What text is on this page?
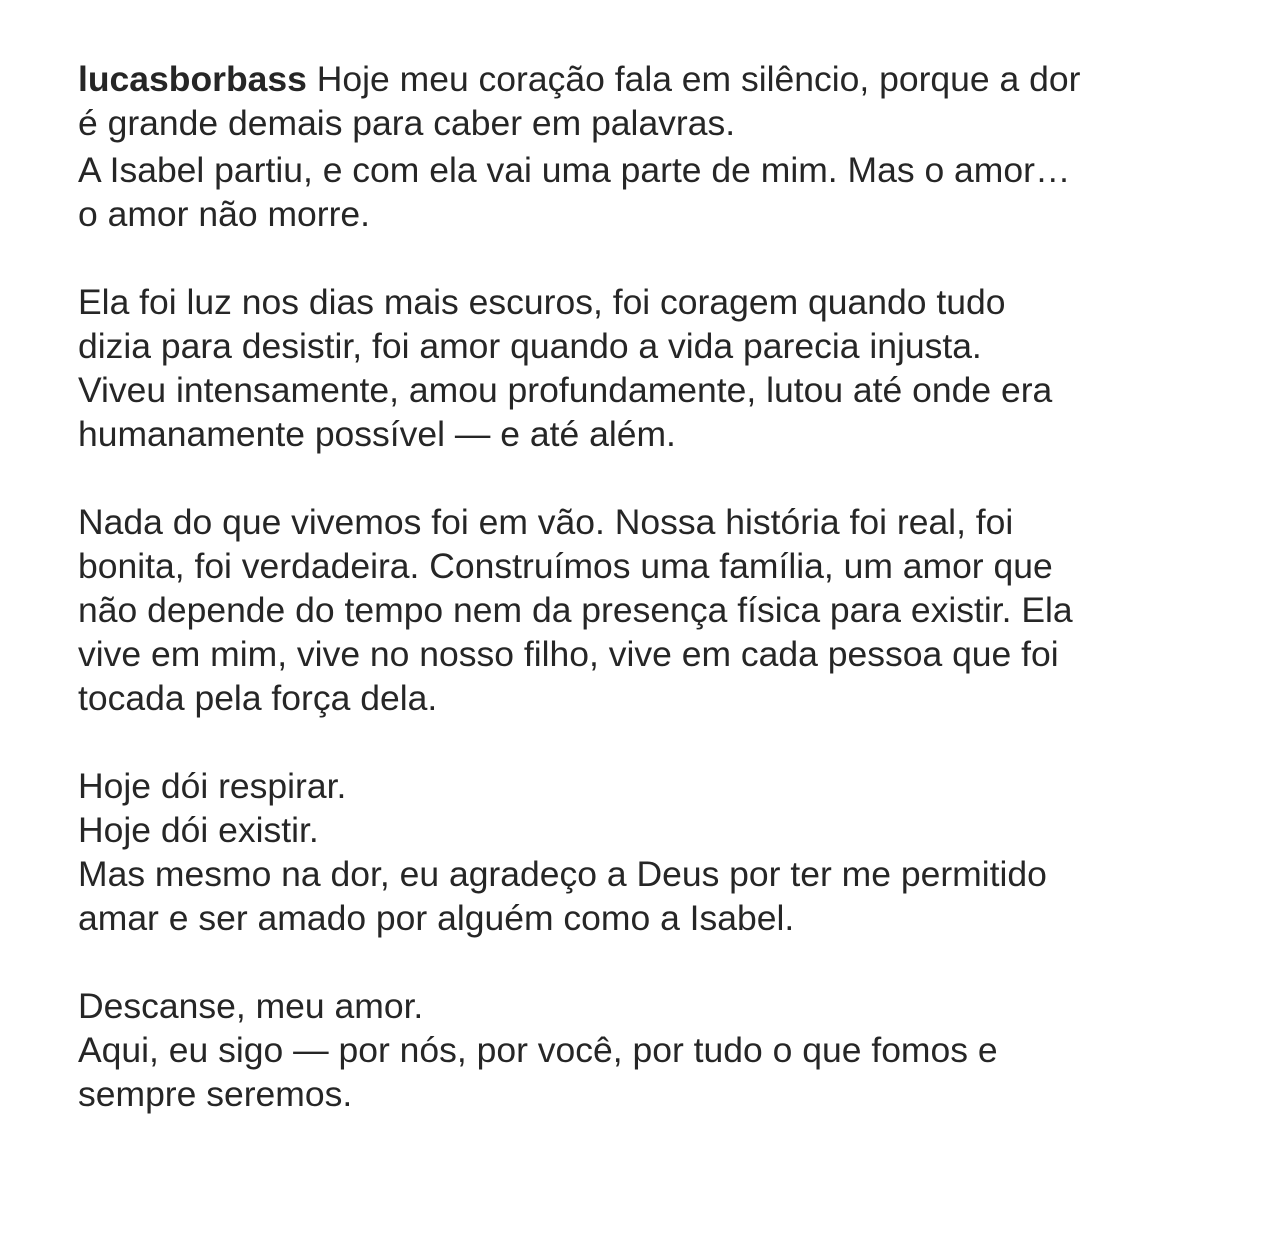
lucasborbass Hoje meu coração fala em silêncio, porque a dor
é grande demais para caber em palavras.
A Isabel partiu, e com ela vai uma parte de mim. Mas o amor…
o amor não morre.
Ela foi luz nos dias mais escuros, foi coragem quando tudo
dizia para desistir, foi amor quando a vida parecia injusta.
Viveu intensamente, amou profundamente, lutou até onde era
humanamente possível — e até além.
Nada do que vivemos foi em vão. Nossa história foi real, foi
bonita, foi verdadeira. Construímos uma família, um amor que
não depende do tempo nem da presença física para existir. Ela
vive em mim, vive no nosso filho, vive em cada pessoa que foi
tocada pela força dela.
Hoje dói respirar.
Hoje dói existir.
Mas mesmo na dor, eu agradeço a Deus por ter me permitido
amar e ser amado por alguém como a Isabel.
Descanse, meu amor.
Aqui, eu sigo — por nós, por você, por tudo o que fomos e
sempre seremos.
